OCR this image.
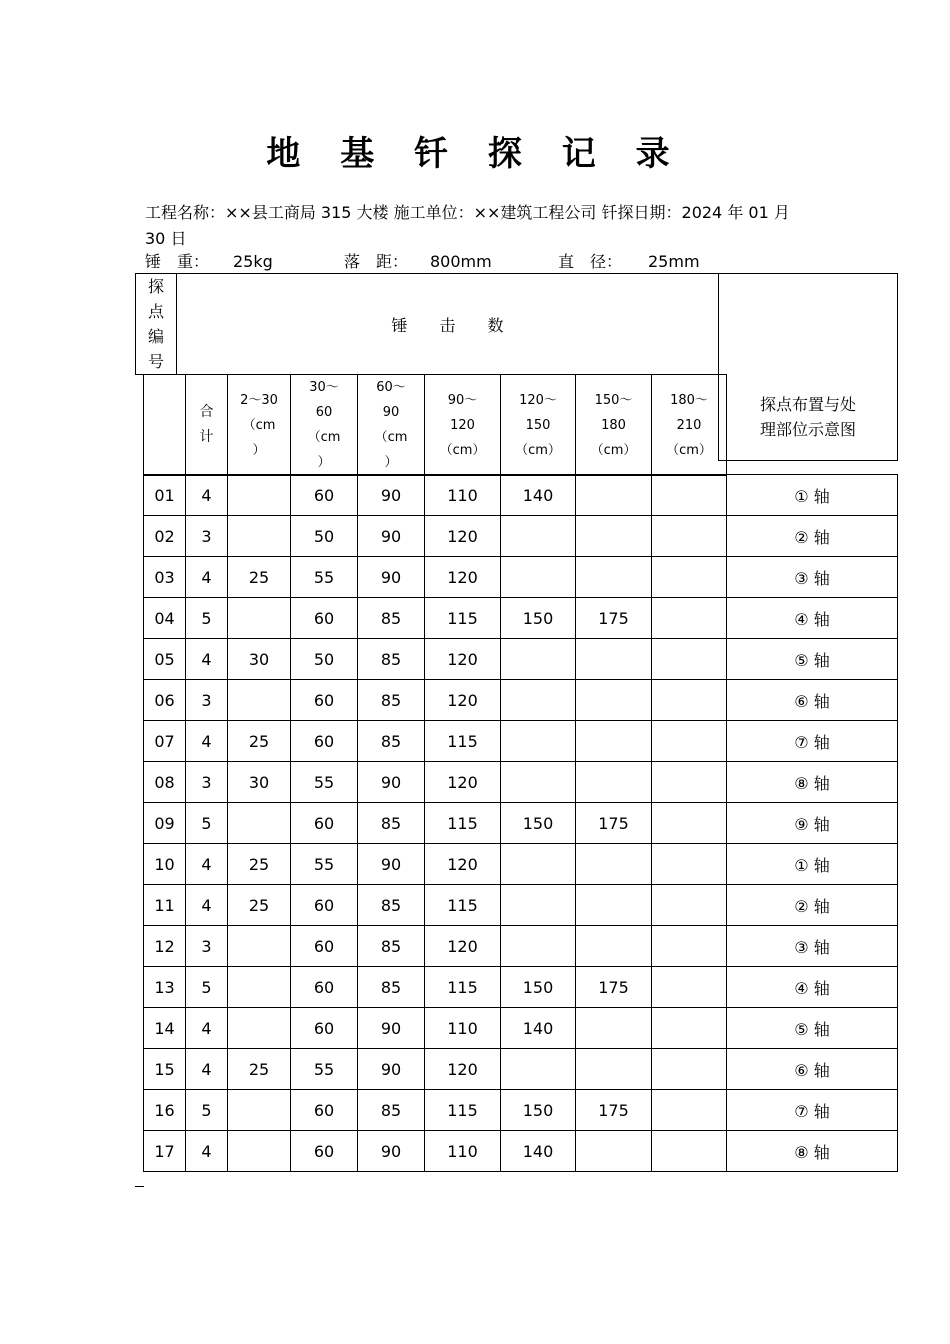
地 基 钎 探 记 录
工程名称：××县工商局 315 大楼 施工单位：××建筑工程公司 钎探日期：2024 年 01 月 30 日
锤　重： 25kg	落　距： 800mm	直　径： 25mm
探
点
编
号	锤　　击　　数	
		探点布置与处
理部位示意图
	合
计	2～30
（cm
）	30～
60
（cm
）	60～
90
（cm
）	90～
120
（cm）	120～
150
（cm）	150～
180
（cm）	180～
210
（cm）
01	4		60	90	110	140			① 轴
02	3		50	90	120				② 轴
03	4	25	55	90	120				③ 轴
04	5		60	85	115	150	175		④ 轴
05	4	30	50	85	120				⑤ 轴
06	3		60	85	120				⑥ 轴
07	4	25	60	85	115				⑦ 轴
08	3	30	55	90	120				⑧ 轴
09	5		60	85	115	150	175		⑨ 轴
10	4	25	55	90	120				① 轴
11	4	25	60	85	115				② 轴
12	3		60	85	120				③ 轴
13	5		60	85	115	150	175		④ 轴
14	4		60	90	110	140			⑤ 轴
15	4	25	55	90	120				⑥ 轴
16	5		60	85	115	150	175		⑦ 轴
17	4		60	90	110	140			⑧ 轴
